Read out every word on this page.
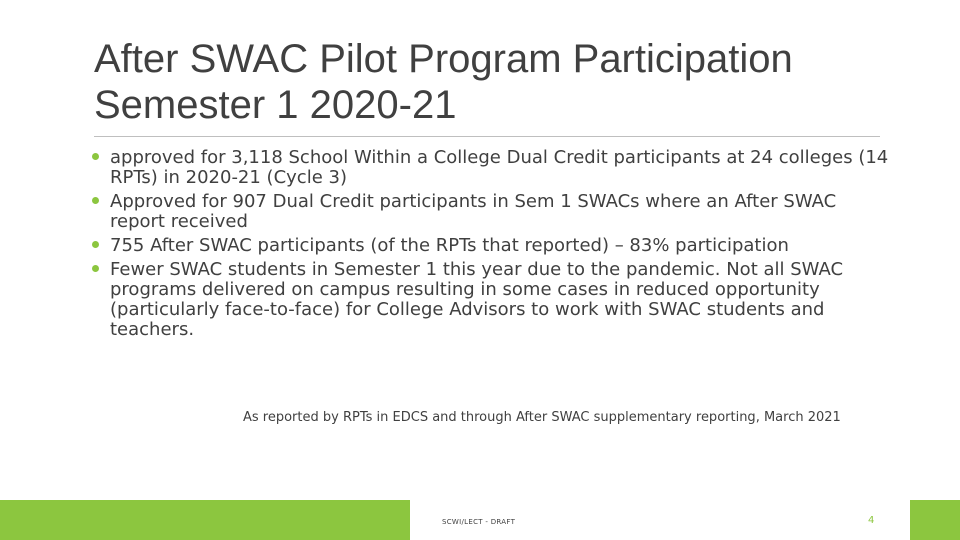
After SWAC Pilot Program Participation
Semester 1 2020-21
approved for 3,118 School Within a College Dual Credit participants at 24 colleges (14 RPTs) in 2020-21 (Cycle 3)
Approved for 907 Dual Credit participants in Sem 1 SWACs where an After SWAC report received
755 After SWAC participants (of the RPTs that reported) – 83% participation
Fewer SWAC students in Semester 1 this year due to the pandemic. Not all SWAC programs delivered on campus resulting in some cases in reduced opportunity (particularly face-to-face) for College Advisors to work with SWAC students and teachers.
As reported by RPTs in EDCS and through After SWAC supplementary reporting, March 2021
SCWI/LECT - DRAFT	4
